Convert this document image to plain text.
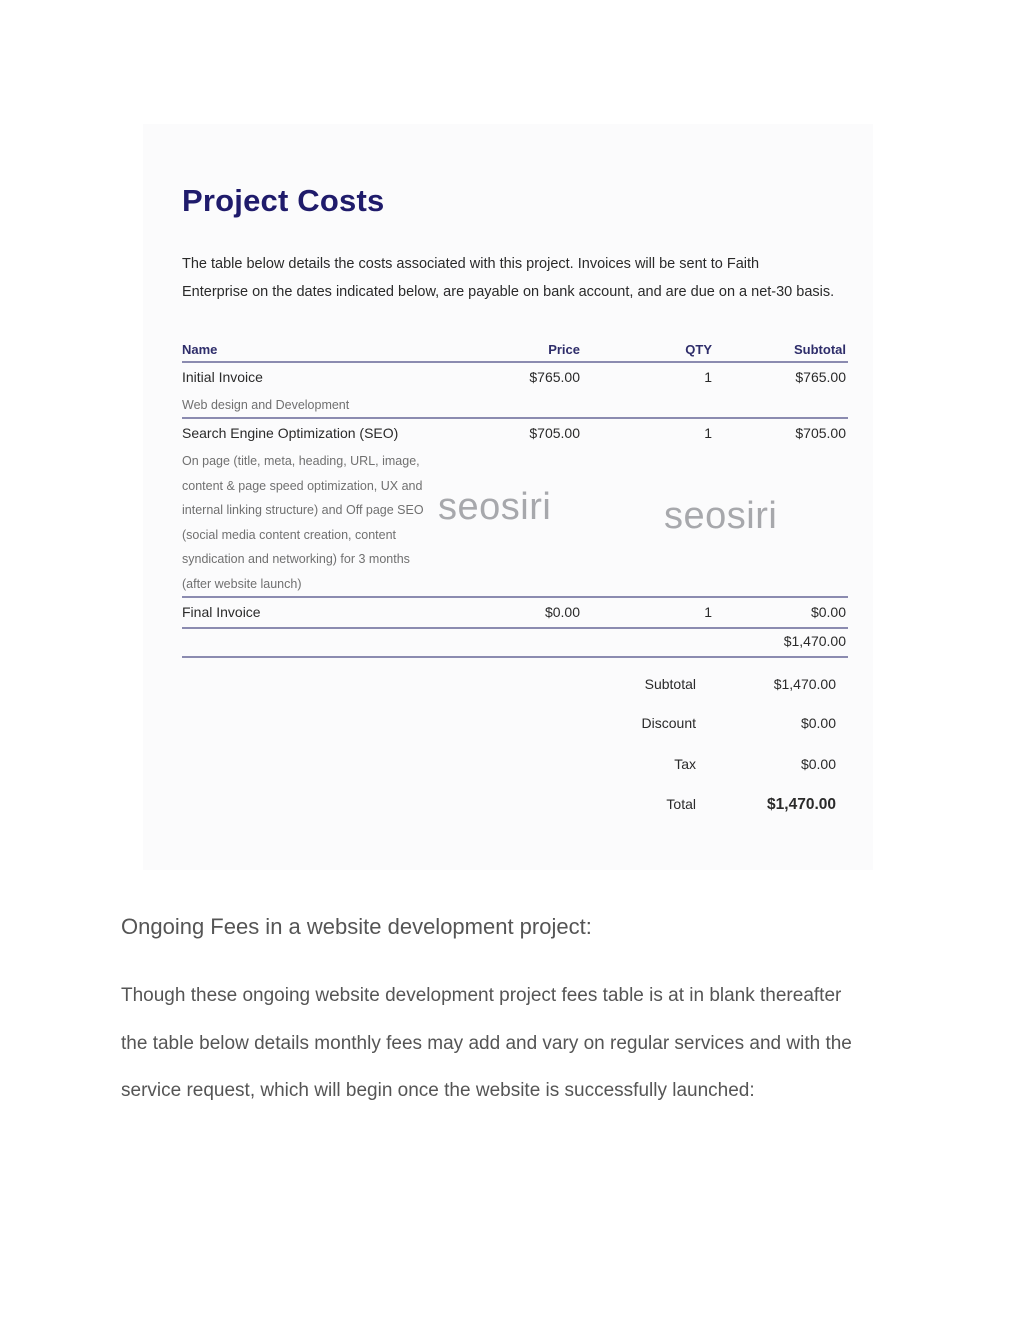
Project Costs
The table below details the costs associated with this project. Invoices will be sent to Faith
Enterprise on the dates indicated below, are payable on bank account, and are due on a net-30 basis.
Name	Price	QTY	Subtotal
Initial Invoice	$765.00	1	$765.00
Web design and Development
Search Engine Optimization (SEO)	$705.00	1	$705.00
On page (title, meta, heading, URL, image,
content & page speed optimization, UX and
internal linking structure) and Off page SEO
(social media content creation, content
syndication and networking) for 3 months
(after website launch)
seosiri	seosiri
Final Invoice	$0.00	1	$0.00
$1,470.00
Subtotal	$1,470.00
Discount	$0.00
Tax	$0.00
Total	$1,470.00
Ongoing Fees in a website development project:
Though these ongoing website development project fees table is at in blank thereafter
the table below details monthly fees may add and vary on regular services and with the
service request, which will begin once the website is successfully launched:
